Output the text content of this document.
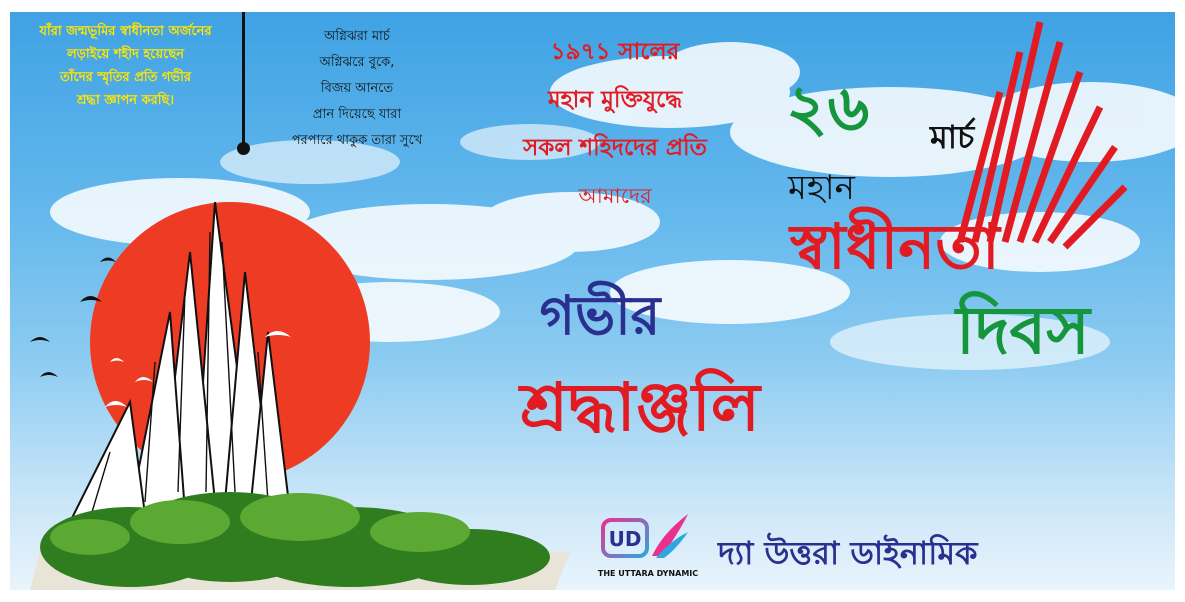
যাঁরা জন্মভূমির স্বাধীনতা অর্জনের
লড়াইয়ে শহীদ হয়েছেন
তাঁদের স্মৃতির প্রতি গভীর
শ্রদ্ধা জ্ঞাপন করছি।
অগ্নিঝরা মার্চ
অগ্নিঝরে বুকে,
বিজয় আনতে
প্রান দিয়েছে যারা
পরপারে থাকুক তারা সুখে
১৯৭১ সালের
মহান মুক্তিযুদ্ধে
সকল শহিদদের প্রতি
আমাদের
গভীর
শ্রদ্ধাঞ্জলি
২৬ মার্চ
মহান
স্বাধীনতা
দিবস
UD
THE UTTARA DYNAMIC
দ্যা উত্তরা ডাইনামিক
